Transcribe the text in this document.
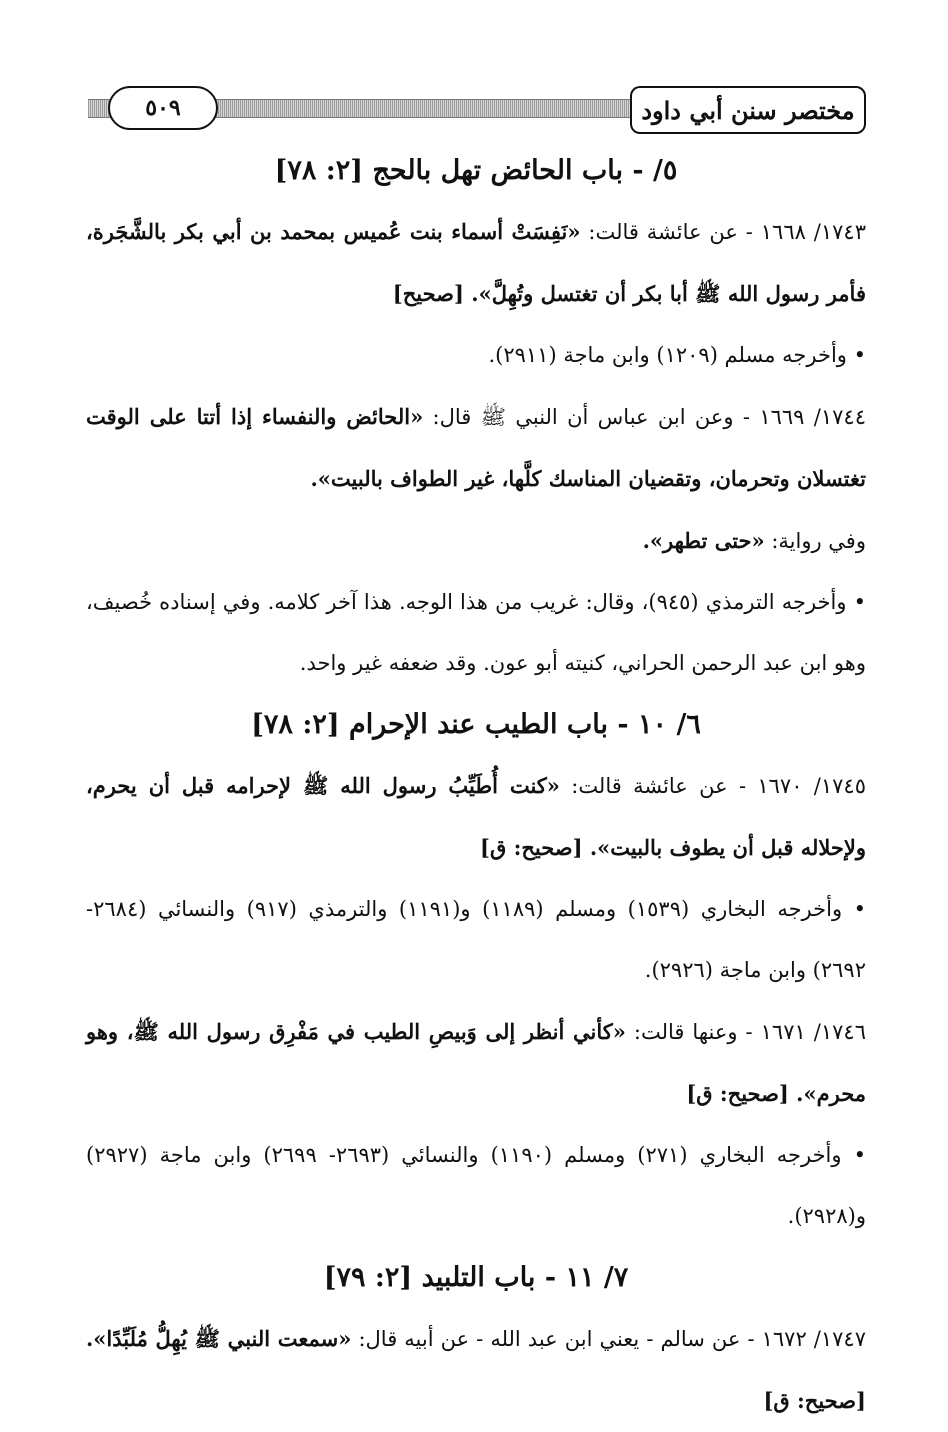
٥٠٩	مختصر سنن أبي داود
٥/ - باب الحائض تهل بالحج [٢: ٧٨]

١٧٤٣/ ١٦٦٨ - عن عائشة قالت: «نَفِسَتْ أسماء بنت عُميس بمحمد بن أبي بكر بالشَّجَرة، فأمر رسول الله ﷺ أبا بكر أن تغتسل وتُهِلَّ». [صحيح]

• وأخرجه مسلم (١٢٠٩) وابن ماجة (٢٩١١).

١٧٤٤/ ١٦٦٩ - وعن ابن عباس أن النبي ﷺ قال: «الحائض والنفساء إذا أتتا على الوقت تغتسلان وتحرمان، وتقضيان المناسك كلَّها، غير الطواف بالبيت».

وفي رواية: «حتى تطهر».

• وأخرجه الترمذي (٩٤٥)، وقال: غريب من هذا الوجه. هذا آخر كلامه. وفي إسناده خُصيف، وهو ابن عبد الرحمن الحراني، كنيته أبو عون. وقد ضعفه غير واحد.

٦/ ١٠ - باب الطيب عند الإحرام [٢: ٧٨]

١٧٤٥/ ١٦٧٠ - عن عائشة قالت: «كنت أُطَيِّبُ رسول الله ﷺ لإحرامه قبل أن يحرم، ولإحلاله قبل أن يطوف بالبيت». [صحيح: ق]

• وأخرجه البخاري (١٥٣٩) ومسلم (١١٨٩) و(١١٩١) والترمذي (٩١٧) والنسائي (٢٦٨٤- ٢٦٩٢) وابن ماجة (٢٩٢٦).

١٧٤٦/ ١٦٧١ - وعنها قالت: «كأني أنظر إلى وَبيصِ الطيب في مَفْرِق رسول الله ﷺ، وهو محرم». [صحيح: ق]

• وأخرجه البخاري (٢٧١) ومسلم (١١٩٠) والنسائي (٢٦٩٣- ٢٦٩٩) وابن ماجة (٢٩٢٧) و(٢٩٢٨).

٧/ ١١ - باب التلبيد [٢: ٧٩]

١٧٤٧/ ١٦٧٢ - عن سالم - يعني ابن عبد الله - عن أبيه قال: «سمعت النبي ﷺ يُهِلُّ مُلَبِّدًا». [صحيح: ق]
